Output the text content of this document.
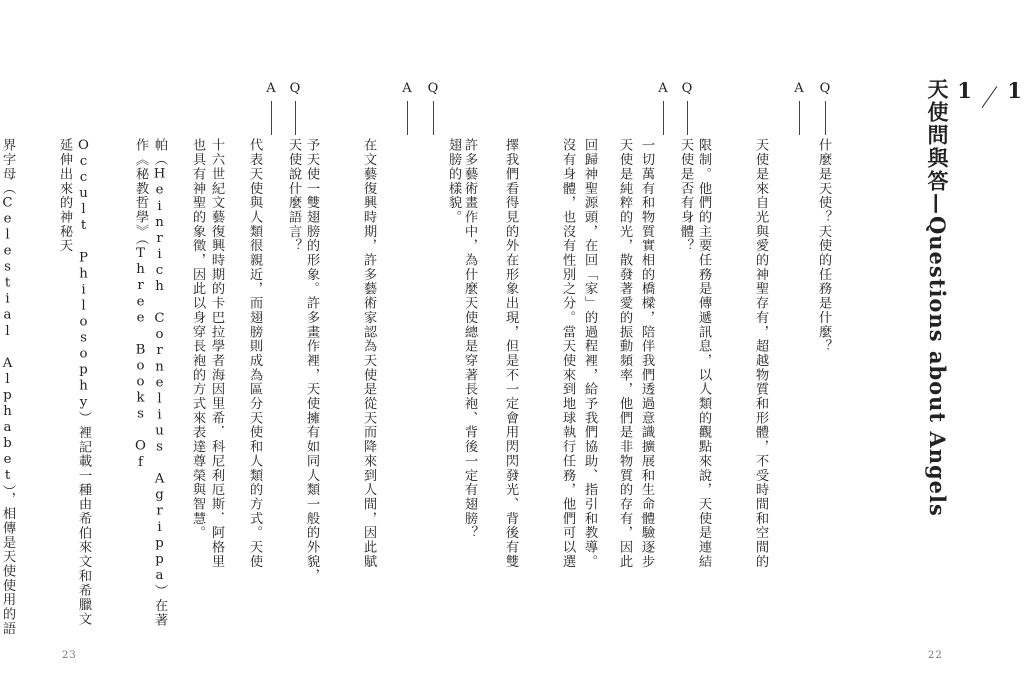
Q

許多藝術畫作中，為什麼天使總是穿著長袍、背後一定有翅膀？

A

在文藝復興時期，許多藝術家認為天使是從天而降來到人間，因此賦

予天使一雙翅膀的形象。許多畫作裡，天使擁有如同人類一般的外貌，

代表天使與人類很親近，而翅膀則成為區分天使和人類的方式。天使

也具有神聖的象徵，因此以身穿長袍的方式來表達尊榮與智慧。

Q
天使說什麼語言？
A

十六世紀文藝復興時期的卡巴拉學者海因里希．科尼利厄斯．阿格里

帕（Heinrich Cornelius Agrippa）在著作《秘教哲學》（Three Books Of

Occult Philosophy）裡記載一種由希伯來文和希臘文延伸出來的神秘天

界字母（Celestial Alphabet），相傳是天使使用的語

23
1
1
天使問與答—Questions about Angels
Q
什麼是天使？天使的任務是什麼？
A

天使是來自光與愛的神聖存有，超越物質和形體，不受時間和空間的

限制。他們的主要任務是傳遞訊息，以人類的觀點來說，天使是連結

一切萬有和物質實相的橋樑，陪伴我們透過意識擴展和生命體驗逐步

回歸神聖源頭，在回「家」的過程裡，給予我們協助、指引和教導。

Q
天使是否有身體？
A

天使是純粹的光，散發著愛的振動頻率，他們是非物質的存有，因此

沒有身體，也沒有性別之分。當天使來到地球執行任務，他們可以選

擇我們看得見的外在形象出現，但是不一定會用閃閃發光、背後有雙

翅膀的樣貌。

22
